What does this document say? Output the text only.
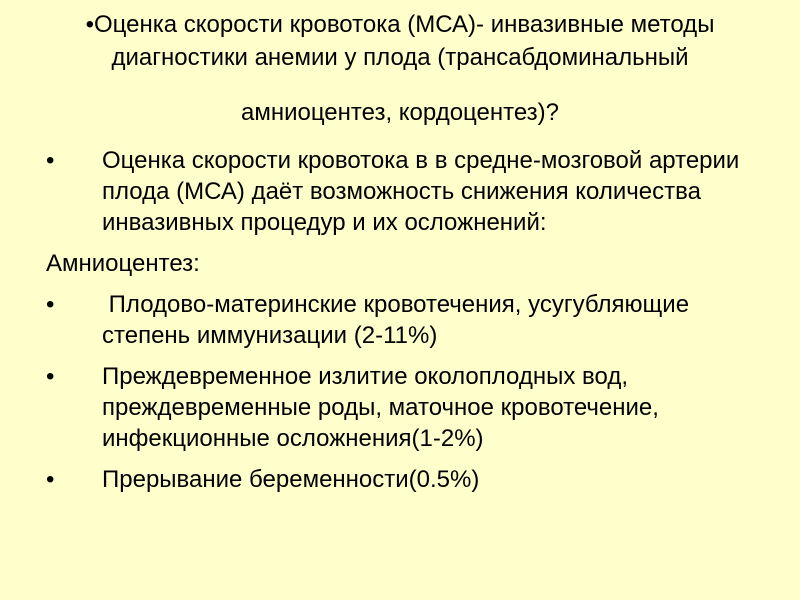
•Оценка скорости кровотока (МСА)- инвазивные методы диагностики анемии у плода (трансабдоминальный
амниоцентез, кордоцентез)?
•	Оценка скорости кровотока в в средне-мозговой артерии плода (МСА) даёт возможность снижения количества инвазивных процедур и их осложнений:
Амниоцентез:
•	Плодово-материнские кровотечения, усугубляющие степень иммунизации (2-11%)
•	Преждевременное излитие околоплодных вод, преждевременные роды, маточное кровотечение, инфекционные осложнения(1-2%)
•	Прерывание беременности(0.5%)
